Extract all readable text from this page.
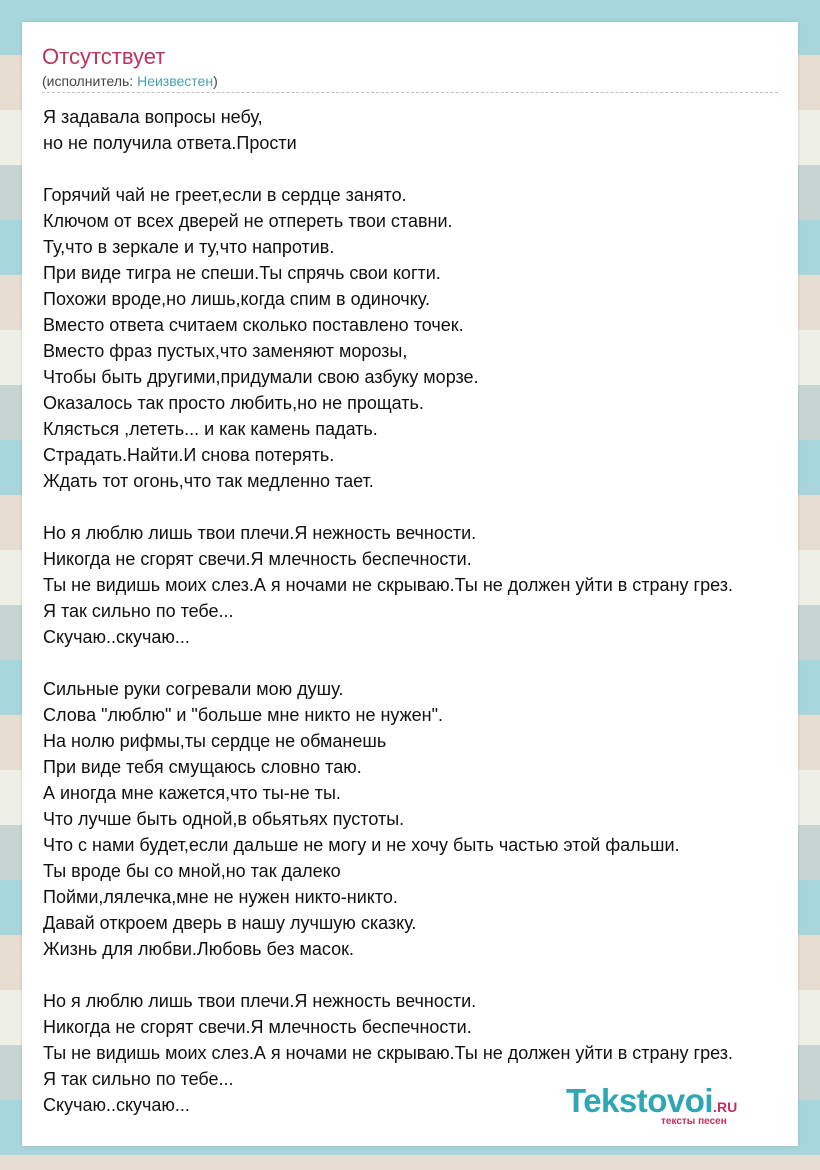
Отсутствует
(исполнитель: Неизвестен)
Я задавала вопросы небу,
но не получила ответа.Прости
Горячий чай не греет,если в сердце занято.
Ключом от всех дверей не отпереть твои ставни.
Ту,что в зеркале и ту,что напротив.
При виде тигра не спеши.Ты спрячь свои когти.
Похожи вроде,но лишь,когда спим в одиночку.
Вместо ответа считаем сколько поставлено точек.
Вместо фраз пустых,что заменяют морозы,
Чтобы быть другими,придумали свою азбуку морзе.
Оказалось так просто любить,но не прощать.
Клясться ,лететь... и как камень падать.
Страдать.Найти.И снова потерять.
Ждать тот огонь,что так медленно тает.
Но я люблю лишь твои плечи.Я нежность вечности.
Никогда не сгорят свечи.Я млечность беспечности.
Ты не видишь моих слез.А я ночами не скрываю.Ты не должен уйти в страну грез.
Я так сильно по тебе...
Скучаю..скучаю...
Сильные руки согревали мою душу.
Слова "люблю" и "больше мне никто не нужен".
На нолю рифмы,ты сердце не обманешь
При виде тебя смущаюсь словно таю.
А иногда мне кажется,что ты-не ты.
Что лучше быть одной,в обьятьях пустоты.
Что с нами будет,если дальше не могу и не хочу быть частью этой фальши.
Ты вроде бы со мной,но так далеко
Пойми,лялечка,мне не нужен никто-никто.
Давай откроем дверь в нашу лучшую сказку.
Жизнь для любви.Любовь без масок.
Но я люблю лишь твои плечи.Я нежность вечности.
Никогда не сгорят свечи.Я млечность беспечности.
Ты не видишь моих слез.А я ночами не скрываю.Ты не должен уйти в страну грез.
Я так сильно по тебе...
Скучаю..скучаю...	Tekstovoi.RU
тексты песен
